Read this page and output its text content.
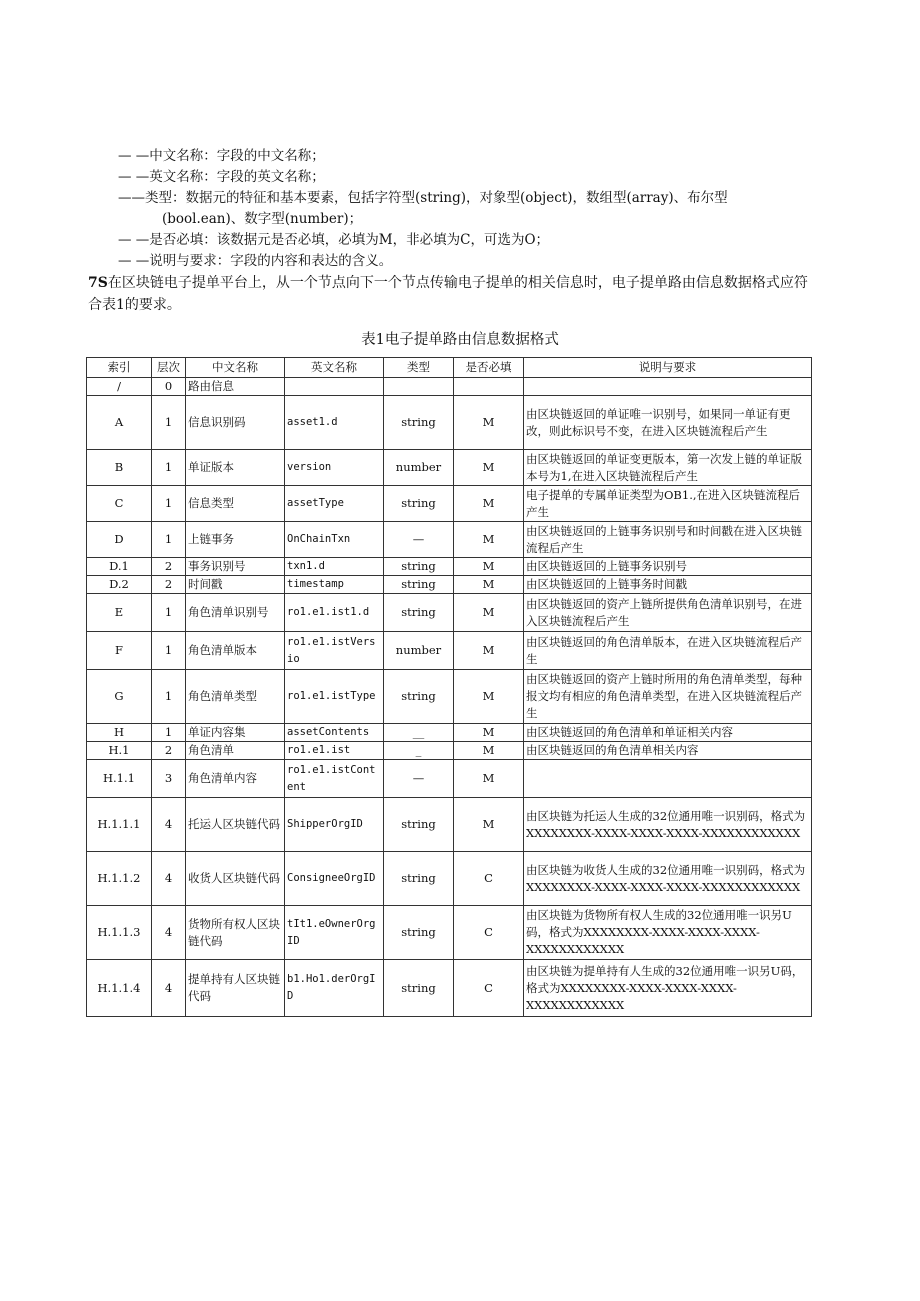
— —中文名称：字段的中文名称；
— —英文名称：字段的英文名称；
——类型：数据元的特征和基本要素，包括字符型(string)，对象型(object)，数组型(array)、布尔型
(bool.ean)、数字型(number)；
— —是否必填：该数据元是否必填，必填为M，非必填为C，可选为O；
— —说明与要求：字段的内容和表达的含义。
7S在区块链电子提单平台上，从一个节点向下一个节点传输电子提单的相关信息时，电子提单路由信息数据格式应符合表1的要求。
表1电子提单路由信息数据格式
索引	层次	中文名称	英文名称	类型	是否必填	说明与要求
/	0	路由信息				
A	1	信息识别码	asset1.d	string	M	由区块链返回的单证唯一识别号，如果同一单证有更改，则此标识号不变，在进入区块链流程后产生
B	1	单证版本	version	number	M	由区块链返回的单证变更版本，第一次发上链的单证版本号为1,在进入区块链流程后产生
C	1	信息类型	assetType	string	M	电子提单的专属单证类型为OB1.,在进入区块链流程后产生
D	1	上链事务	OnChainTxn	—	M	由区块链返回的上链事务识别号和时间戳在进入区块链流程后产生
D.1	2	事务识别号	txn1.d	string	M	由区块链返回的上链事务识别号
D.2	2	时间戳	timestamp	string	M	由区块链返回的上链事务时间戳
E	1	角色清单识别号	ro1.e1.ist1.d	string	M	由区块链返回的资产上链所提供角色清单识别号，在进入区块链流程后产生
F	1	角色清单版本	ro1.e1.istVersio	number	M	由区块链返回的角色清单版本，在进入区块链流程后产生
G	1	角色清单类型	ro1.e1.istType	string	M	由区块链返回的资产上链时所用的角色清单类型，每种报文均有相应的角色清单类型，在进入区块链流程后产生
H	1	单证内容集	assetContents	__	M	由区块链返回的角色清单和单证相关内容
H.1	2	角色清单	ro1.e1.ist	_	M	由区块链返回的角色清单相关内容
H.1.1	3	角色清单内容	ro1.e1.istContent	—	M	
H.1.1.1	4	托运人区块链代码	ShipperOrgID	string	M	由区块链为托运人生成的32位通用唯一识别码，格式为XXXXXXXX-XXXX-XXXX-XXXX-XXXXXXXXXXXX
H.1.1.2	4	收货人区块链代码	ConsigneeOrgID	string	C	由区块链为收货人生成的32位通用唯一识别码，格式为XXXXXXXX-XXXX-XXXX-XXXX-XXXXXXXXXXXX
H.1.1.3	4	货物所有权人区块链代码	tIt1.eOwnerOrgID	string	C	由区块链为货物所有权人生成的32位通用唯一识另U码，格式为XXXXXXXX-XXXX-XXXX-XXXX-XXXXXXXXXXXX
H.1.1.4	4	提单持有人区块链代码	b1.Ho1.derOrgID	string	C	由区块链为提单持有人生成的32位通用唯一识另U码，格式为XXXXXXXX-XXXX-XXXX-XXXX-XXXXXXXXXXXX
